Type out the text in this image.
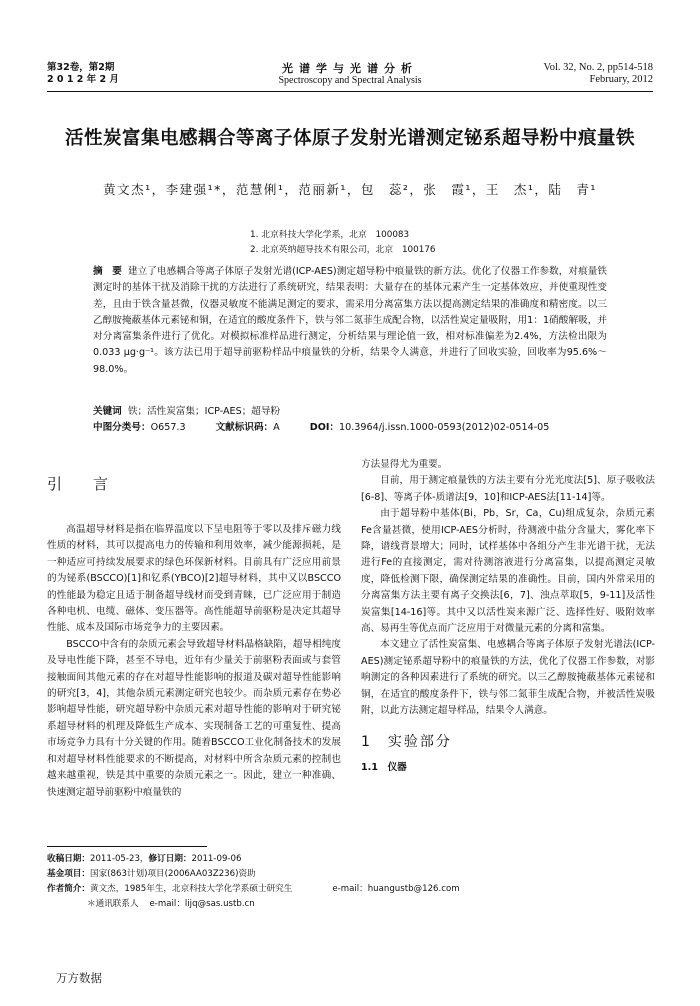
第32卷，第2期
2 0 1 2 年 2 月
光谱学与光谱分析
Spectroscopy and Spectral Analysis
Vol. 32, No. 2, pp514-518
February, 2012
活性炭富集电感耦合等离子体原子发射光谱测定铋系超导粉中痕量铁
黄文杰¹，李建强¹*，范慧俐¹，范丽新¹，包　蕊²，张　霞¹，王　杰¹，陆　青¹
1. 北京科技大学化学系，北京　100083
2. 北京英纳超导技术有限公司，北京　100176
摘　要 建立了电感耦合等离子体原子发射光谱(ICP-AES)测定超导粉中痕量铁的新方法。优化了仪器工作参数，对痕量铁测定时的基体干扰及消除干扰的方法进行了系统研究，结果表明：大量存在的基体元素产生一定基体效应，并使重现性变差，且由于铁含量甚微，仪器灵敏度不能满足测定的要求，需采用分离富集方法以提高测定结果的准确度和精密度。以三乙醇胺掩蔽基体元素铋和铜，在适宜的酸度条件下，铁与邻二氮菲生成配合物，以活性炭定量吸附，用1：1硝酸解吸，并对分离富集条件进行了优化。对模拟标准样品进行测定，分析结果与理论值一致，相对标准偏差为2.4%，方法检出限为0.033 μg·g⁻¹。该方法已用于超导前驱粉样品中痕量铁的分析，结果令人满意，并进行了回收实验，回收率为95.6%～98.0%。
关键词 铁；活性炭富集；ICP-AES；超导粉
中图分类号：O657.3	文献标识码：A	DOI：10.3964/j.issn.1000-0593(2012)02-0514-05
引　言

高温超导材料是指在临界温度以下呈电阻等于零以及排斥磁力线性质的材料，其可以提高电力的传输和利用效率，减少能源损耗，是一种适应可持续发展要求的绿色环保新材料。目前具有广泛应用前景的为铋系(BSCCO)[1]和钇系(YBCO)[2]超导材料，其中又以BSCCO的性能最为稳定且适于制备超导线材而受到青睐，已广泛应用于制造各种电机、电缆、磁体、变压器等。高性能超导前驱粉是决定其超导性能、成本及国际市场竞争力的主要因素。

BSCCO中含有的杂质元素会导致超导材料晶格缺陷，超导相纯度及导电性能下降，甚至不导电，近年有少量关于前驱粉表面或与套管接触面间其他元素的存在对超导性能影响的报道及碳对超导性能影响的研究[3，4]，其他杂质元素测定研究也较少。而杂质元素存在势必影响超导性能，研究超导粉中杂质元素对超导性能的影响对于研究铋系超导材料的机理及降低生产成本、实现制备工艺的可重复性、提高市场竞争力具有十分关键的作用。随着BSCCO工业化制备技术的发展和对超导材料性能要求的不断提高，对材料中所含杂质元素的控制也越来越重视，铁是其中重要的杂质元素之一。因此，建立一种准确、快速测定超导前驱粉中痕量铁的

方法显得尤为重要。

目前，用于测定痕量铁的方法主要有分光光度法[5]、原子吸收法[6-8]、等离子体-质谱法[9，10]和ICP-AES法[11-14]等。

由于超导粉中基体(Bi，Pb，Sr，Ca，Cu)组成复杂，杂质元素Fe含量甚微，使用ICP-AES分析时，待测液中盐分含量大，雾化率下降，谱线背景增大；同时，试样基体中各组分产生非光谱干扰，无法进行Fe的直接测定，需对待测溶液进行分离富集，以提高测定灵敏度，降低检测下限，确保测定结果的准确性。目前，国内外常采用的分离富集方法主要有离子交换法[6，7]、浊点萃取[5，9-11]及活性炭富集[14-16]等。其中又以活性炭来源广泛、选择性好、吸附效率高、易再生等优点而广泛应用于对微量元素的分离和富集。

本文建立了活性炭富集、电感耦合等离子体原子发射光谱法(ICP-AES)测定铋系超导粉中的痕量铁的方法，优化了仪器工作参数，对影响测定的各种因素进行了系统的研究。以三乙醇胺掩蔽基体元素铋和铜，在适宜的酸度条件下，铁与邻二氮菲生成配合物，并被活性炭吸附，以此方法测定超导样品，结果令人满意。

1　实验部分
1.1　仪器
收稿日期：2011-05-23，修订日期：2011-09-06
基金项目：国家(863计划)项目(2006AA03Z236)资助
作者简介：黄文杰，1985年生，北京科技大学化学系硕士研究生	e-mail：huangustb@126.com
＊通讯联系人 e-mail：lijq@sas.ustb.cn
万方数据
